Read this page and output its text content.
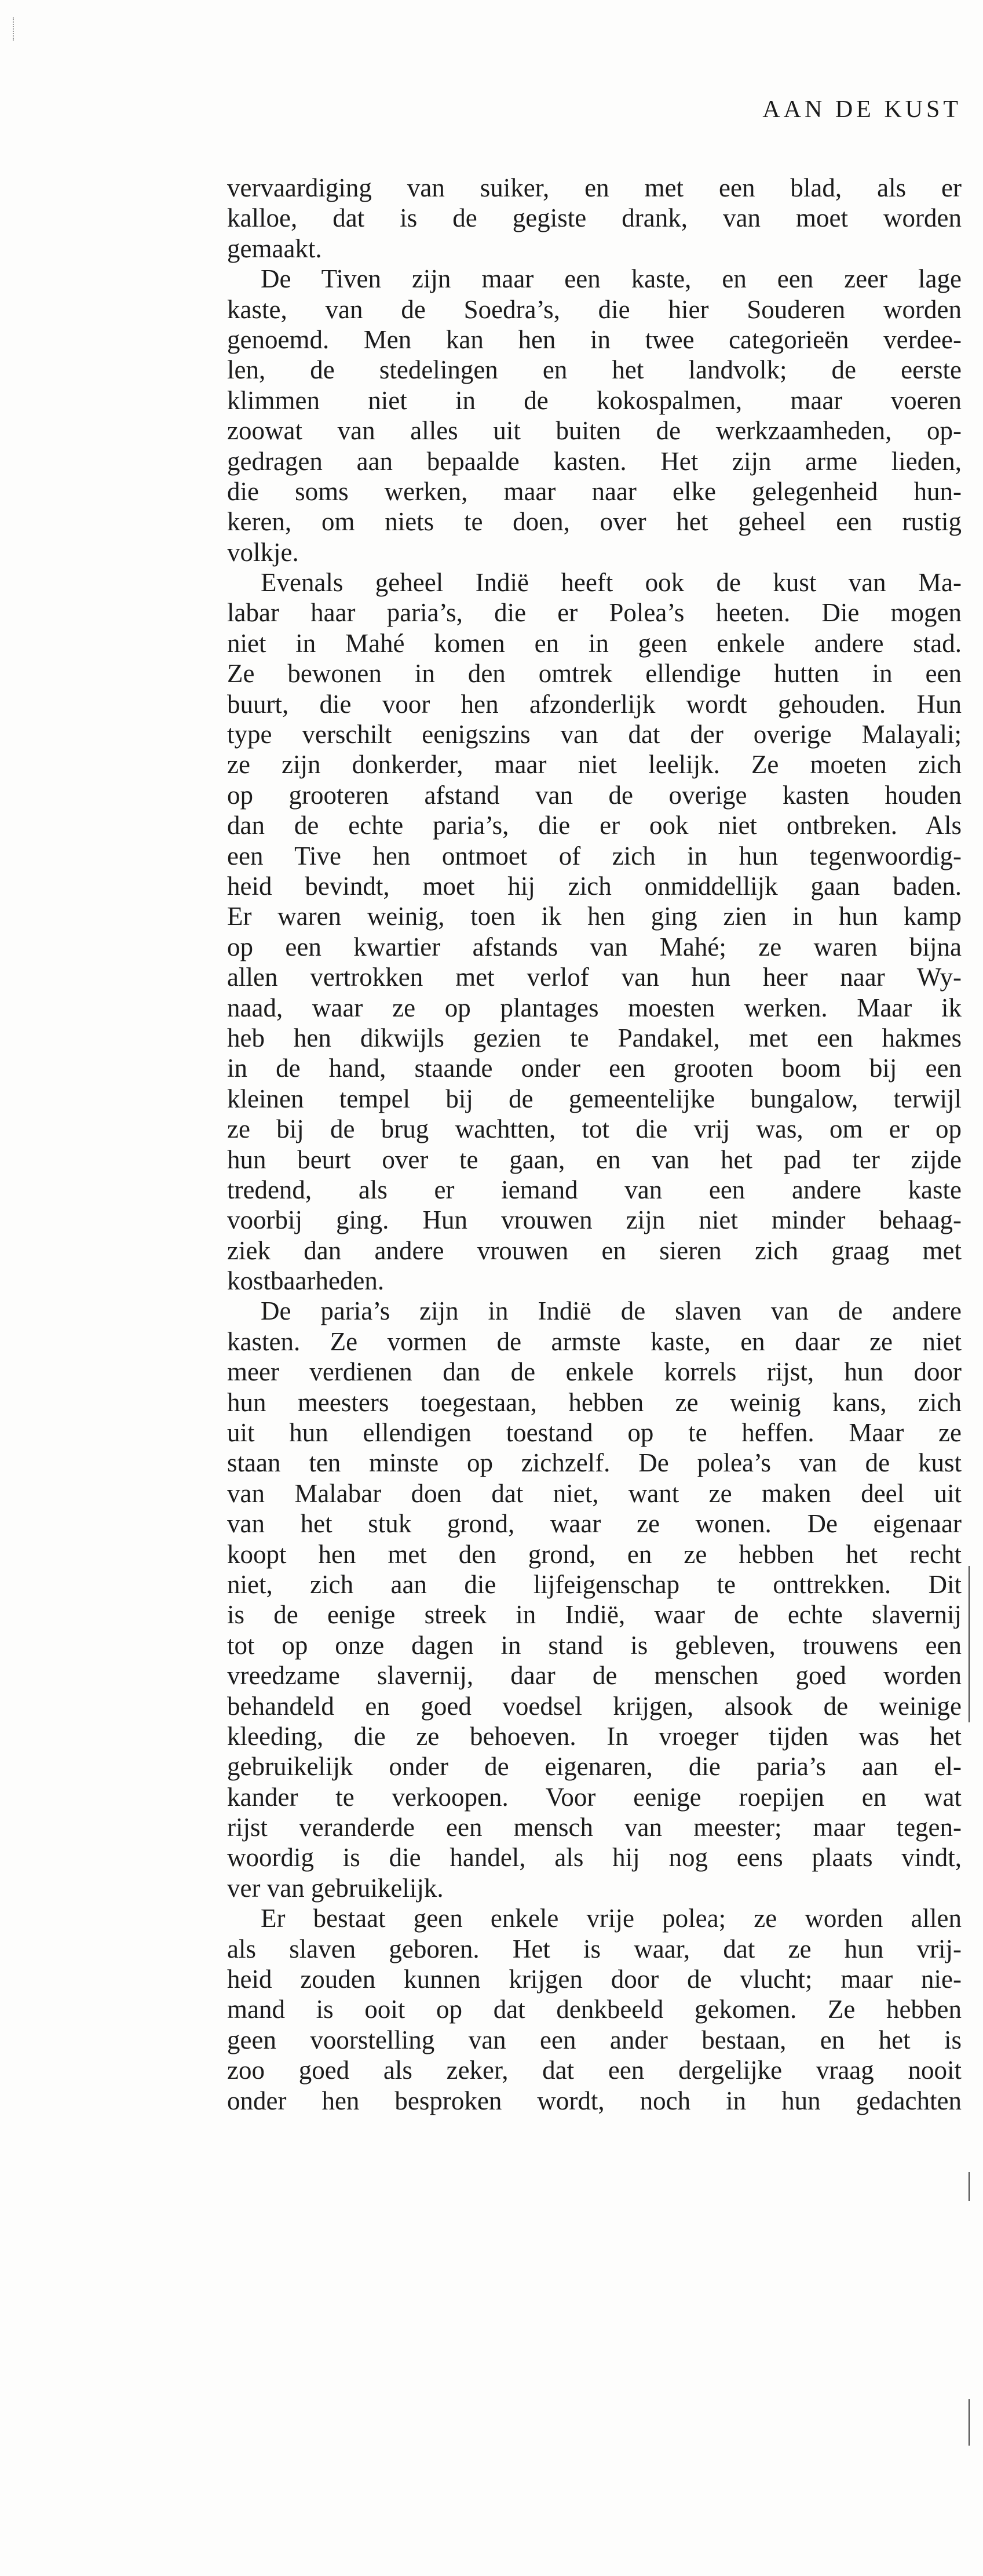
AAN DE KUST
vervaardiging van suiker, en met een blad, als er
kalloe, dat is de gegiste drank, van moet worden
gemaakt.
De Tiven zijn maar een kaste, en een zeer lage
kaste, van de Soedra’s, die hier Souderen worden
genoemd. Men kan hen in twee categorieën verdee-
len, de stedelingen en het landvolk; de eerste
klimmen niet in de kokospalmen, maar voeren
zoowat van alles uit buiten de werkzaamheden, op-
gedragen aan bepaalde kasten. Het zijn arme lieden,
die soms werken, maar naar elke gelegenheid hun-
keren, om niets te doen, over het geheel een rustig
volkje.
Evenals geheel Indië heeft ook de kust van Ma-
labar haar paria’s, die er Polea’s heeten. Die mogen
niet in Mahé komen en in geen enkele andere stad.
Ze bewonen in den omtrek ellendige hutten in een
buurt, die voor hen afzonderlijk wordt gehouden. Hun
type verschilt eenigszins van dat der overige Malayali;
ze zijn donkerder, maar niet leelijk. Ze moeten zich
op grooteren afstand van de overige kasten houden
dan de echte paria’s, die er ook niet ontbreken. Als
een Tive hen ontmoet of zich in hun tegenwoordig-
heid bevindt, moet hij zich onmiddellijk gaan baden.
Er waren weinig, toen ik hen ging zien in hun kamp
op een kwartier afstands van Mahé; ze waren bijna
allen vertrokken met verlof van hun heer naar Wy-
naad, waar ze op plantages moesten werken. Maar ik
heb hen dikwijls gezien te Pandakel, met een hakmes
in de hand, staande onder een grooten boom bij een
kleinen tempel bij de gemeentelijke bungalow, terwijl
ze bij de brug wachtten, tot die vrij was, om er op
hun beurt over te gaan, en van het pad ter zijde
tredend, als er iemand van een andere kaste
voorbij ging. Hun vrouwen zijn niet minder behaag-
ziek dan andere vrouwen en sieren zich graag met
kostbaarheden.
De paria’s zijn in Indië de slaven van de andere
kasten. Ze vormen de armste kaste, en daar ze niet
meer verdienen dan de enkele korrels rijst, hun door
hun meesters toegestaan, hebben ze weinig kans, zich
uit hun ellendigen toestand op te heffen. Maar ze
staan ten minste op zichzelf. De polea’s van de kust
van Malabar doen dat niet, want ze maken deel uit
van het stuk grond, waar ze wonen. De eigenaar
koopt hen met den grond, en ze hebben het recht
niet, zich aan die lijfeigenschap te onttrekken. Dit
is de eenige streek in Indië, waar de echte slavernij
tot op onze dagen in stand is gebleven, trouwens een
vreedzame slavernij, daar de menschen goed worden
behandeld en goed voedsel krijgen, alsook de weinige
kleeding, die ze behoeven. In vroeger tijden was het
gebruikelijk onder de eigenaren, die paria’s aan el-
kander te verkoopen. Voor eenige roepijen en wat
rijst veranderde een mensch van meester; maar tegen-
woordig is die handel, als hij nog eens plaats vindt,
ver van gebruikelijk.
Er bestaat geen enkele vrije polea; ze worden allen
als slaven geboren. Het is waar, dat ze hun vrij-
heid zouden kunnen krijgen door de vlucht; maar nie-
mand is ooit op dat denkbeeld gekomen. Ze hebben
geen voorstelling van een ander bestaan, en het is
zoo goed als zeker, dat een dergelijke vraag nooit
onder hen besproken wordt, noch in hun gedachten
